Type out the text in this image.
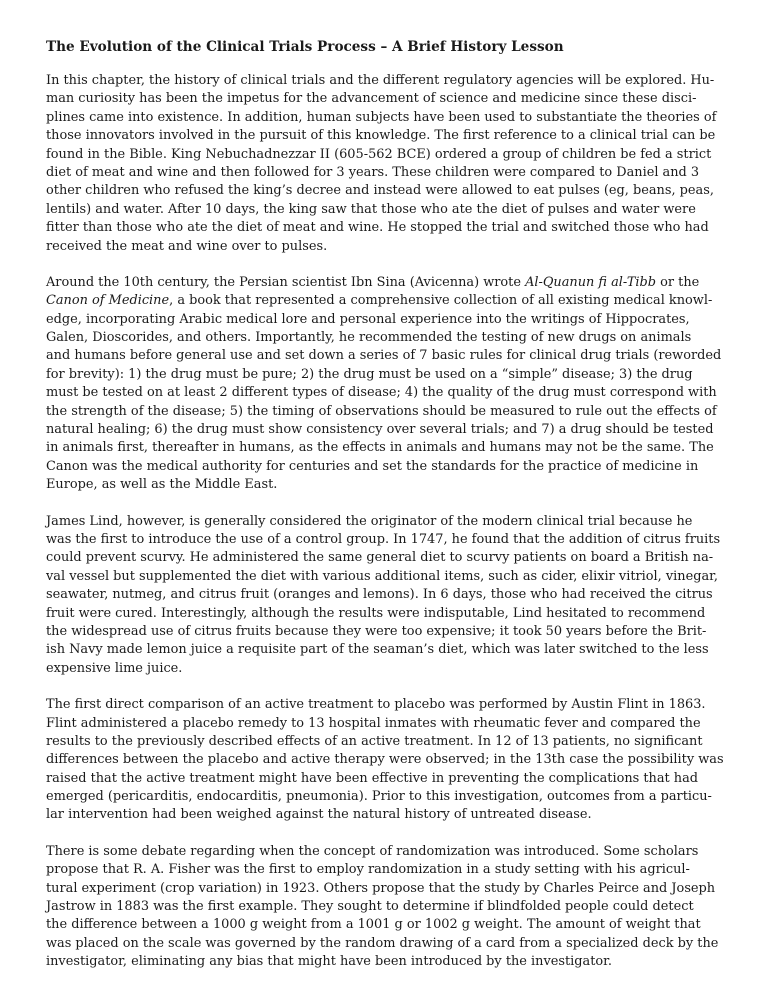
The Evolution of the Clinical Trials Process – A Brief History Lesson
In this chapter, the history of clinical trials and the different regulatory agencies will be explored. Hu-
man curiosity has been the impetus for the advancement of science and medicine since these disci-
plines came into existence. In addition, human subjects have been used to substantiate the theories of
those innovators involved in the pursuit of this knowledge. The first reference to a clinical trial can be
found in the Bible. King Nebuchadnezzar II (605-562 BCE) ordered a group of children be fed a strict
diet of meat and wine and then followed for 3 years. These children were compared to Daniel and 3
other children who refused the king’s decree and instead were allowed to eat pulses (eg, beans, peas,
lentils) and water. After 10 days, the king saw that those who ate the diet of pulses and water were
fitter than those who ate the diet of meat and wine. He stopped the trial and switched those who had
received the meat and wine over to pulses.
Around the 10th century, the Persian scientist Ibn Sina (Avicenna) wrote Al-Quanun fi al-Tibb or the
Canon of Medicine, a book that represented a comprehensive collection of all existing medical knowl-
edge, incorporating Arabic medical lore and personal experience into the writings of Hippocrates,
Galen, Dioscorides, and others. Importantly, he recommended the testing of new drugs on animals
and humans before general use and set down a series of 7 basic rules for clinical drug trials (reworded
for brevity): 1) the drug must be pure; 2) the drug must be used on a “simple” disease; 3) the drug
must be tested on at least 2 different types of disease; 4) the quality of the drug must correspond with
the strength of the disease; 5) the timing of observations should be measured to rule out the effects of
natural healing; 6) the drug must show consistency over several trials; and 7) a drug should be tested
in animals first, thereafter in humans, as the effects in animals and humans may not be the same. The
Canon was the medical authority for centuries and set the standards for the practice of medicine in
Europe, as well as the Middle East.
James Lind, however, is generally considered the originator of the modern clinical trial because he
was the first to introduce the use of a control group. In 1747, he found that the addition of citrus fruits
could prevent scurvy. He administered the same general diet to scurvy patients on board a British na-
val vessel but supplemented the diet with various additional items, such as cider, elixir vitriol, vinegar,
seawater, nutmeg, and citrus fruit (oranges and lemons). In 6 days, those who had received the citrus
fruit were cured. Interestingly, although the results were indisputable, Lind hesitated to recommend
the widespread use of citrus fruits because they were too expensive; it took 50 years before the Brit-
ish Navy made lemon juice a requisite part of the seaman’s diet, which was later switched to the less
expensive lime juice.
The first direct comparison of an active treatment to placebo was performed by Austin Flint in 1863.
Flint administered a placebo remedy to 13 hospital inmates with rheumatic fever and compared the
results to the previously described effects of an active treatment. In 12 of 13 patients, no significant
differences between the placebo and active therapy were observed; in the 13th case the possibility was
raised that the active treatment might have been effective in preventing the complications that had
emerged (pericarditis, endocarditis, pneumonia). Prior to this investigation, outcomes from a particu-
lar intervention had been weighed against the natural history of untreated disease.
There is some debate regarding when the concept of randomization was introduced. Some scholars
propose that R. A. Fisher was the first to employ randomization in a study setting with his agricul-
tural experiment (crop variation) in 1923. Others propose that the study by Charles Peirce and Joseph
Jastrow in 1883 was the first example. They sought to determine if blindfolded people could detect
the difference between a 1000 g weight from a 1001 g or 1002 g weight. The amount of weight that
was placed on the scale was governed by the random drawing of a card from a specialized deck by the
investigator, eliminating any bias that might have been introduced by the investigator.
